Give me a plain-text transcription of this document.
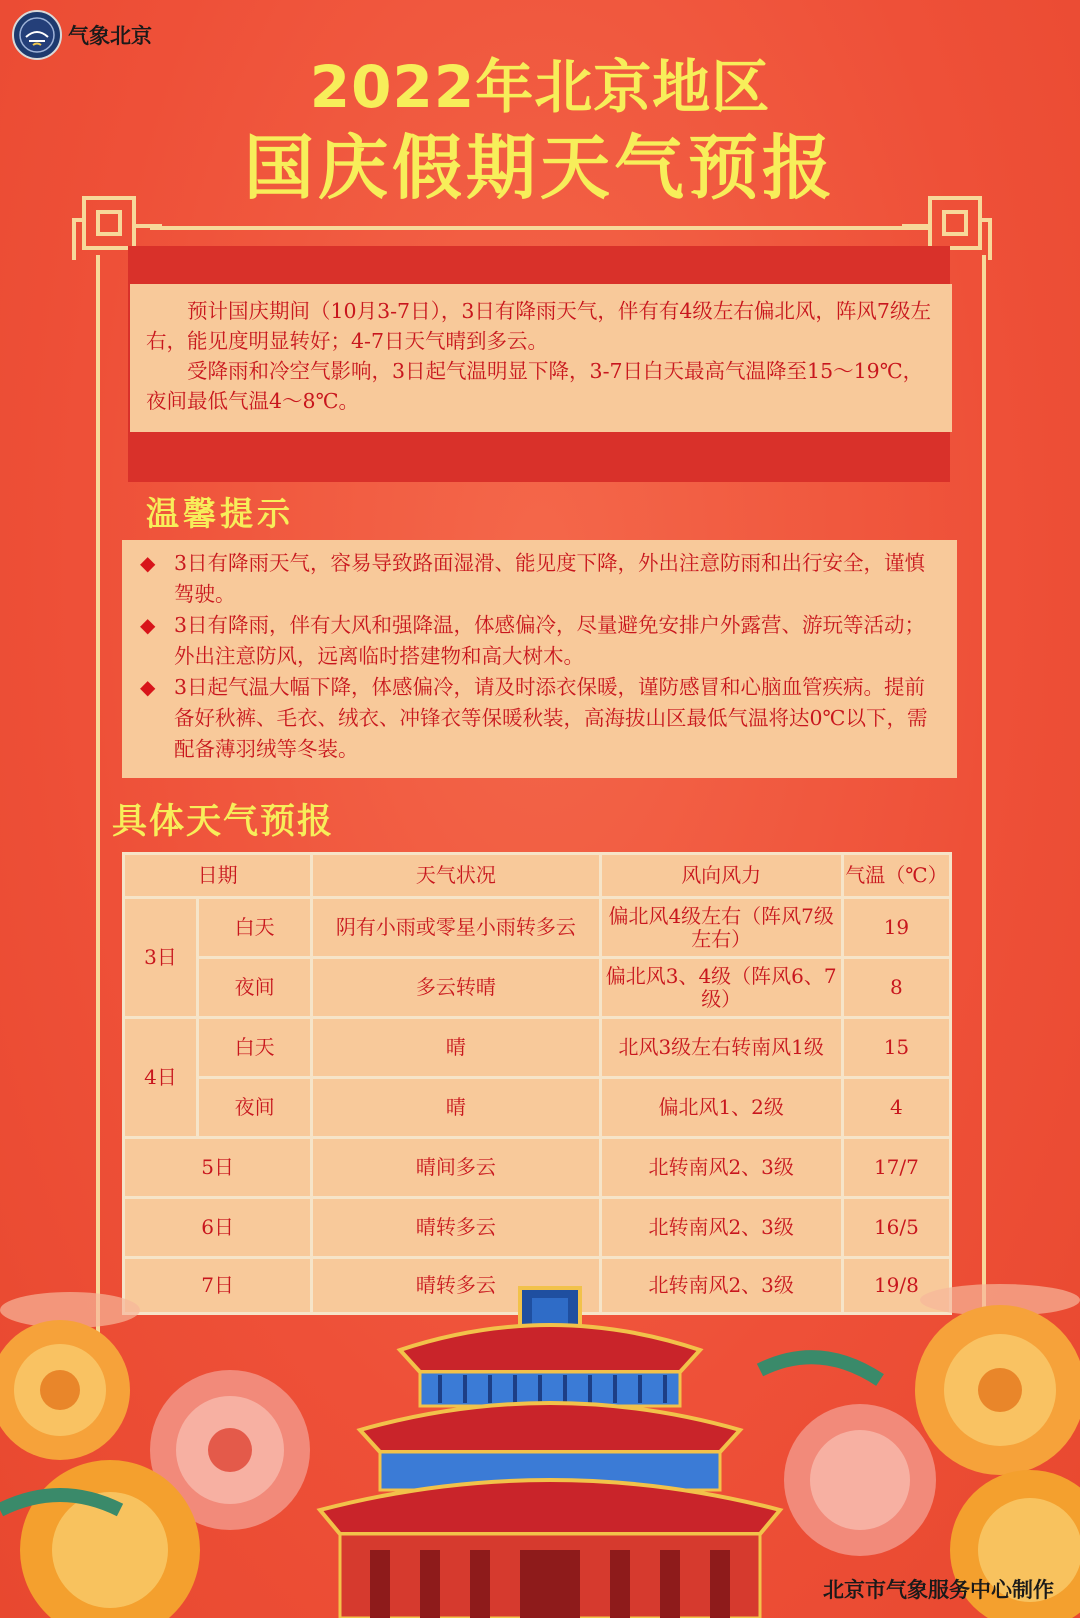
气象北京
2022年北京地区
国庆假期天气预报

预计国庆期间（10月3-7日），3日有降雨天气，伴有有4级左右偏北风，阵风7级左右，能见度明显转好；4-7日天气晴到多云。

受降雨和冷空气影响，3日起气温明显下降，3-7日白天最高气温降至15～19℃，夜间最低气温4～8℃。

温馨提示
◆ 3日有降雨天气，容易导致路面湿滑、能见度下降，外出注意防雨和出行安全，谨慎驾驶。
◆ 3日有降雨，伴有大风和强降温，体感偏冷，尽量避免安排户外露营、游玩等活动；外出注意防风，远离临时搭建物和高大树木。
◆ 3日起气温大幅下降，体感偏冷，请及时添衣保暖，谨防感冒和心脑血管疾病。提前备好秋裤、毛衣、绒衣、冲锋衣等保暖秋装，高海拔山区最低气温将达0℃以下，需配备薄羽绒等冬装。
具体天气预报
日期		天气状况	风向风力	气温（℃）
3日	白天	阴有小雨或零星小雨转多云	偏北风4级左右（阵风7级左右）	19
	夜间	多云转晴	偏北风3、4级（阵风6、7级）	8
4日	白天	晴	北风3级左右转南风1级	15
	夜间	晴	偏北风1、2级	4
5日		晴间多云	北转南风2、3级	17/7
6日		晴转多云	北转南风2、3级	16/5
7日		晴转多云	北转南风2、3级	19/8
北京市气象服务中心制作
